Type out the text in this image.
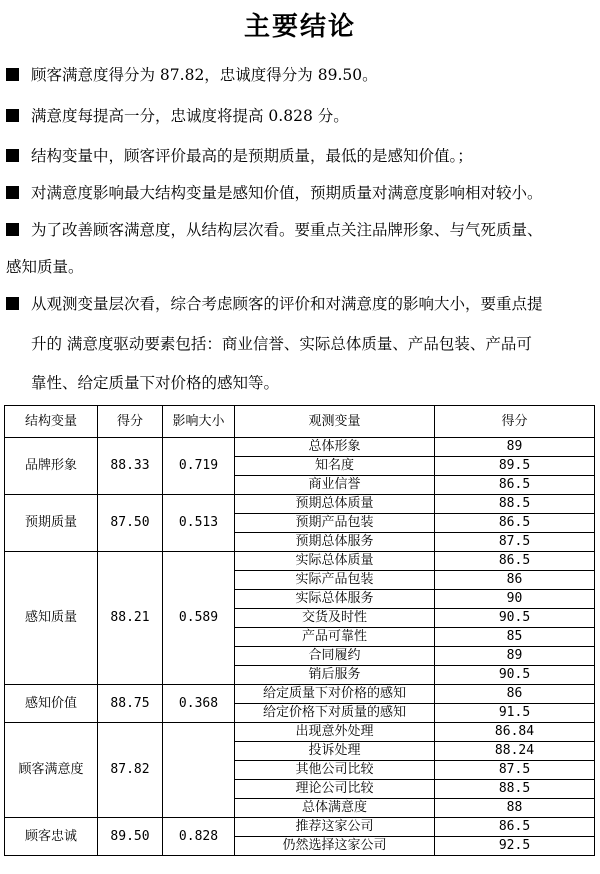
主要结论
顾客满意度得分为 87.82，忠诚度得分为 89.50。
满意度每提高一分，忠诚度将提高 0.828 分。
结构变量中，顾客评价最高的是预期质量，最低的是感知价值。；
对满意度影响最大结构变量是感知价值，预期质量对满意度影响相对较小。
为了改善顾客满意度，从结构层次看。要重点关注品牌形象、与气死质量、
感知质量。
从观测变量层次看，综合考虑顾客的评价和对满意度的影响大小，要重点提
升的 满意度驱动要素包括：商业信誉、实际总体质量、产品包装、产品可
靠性、给定质量下对价格的感知等。
结构变量	得分	影响大小	观测变量	得分
品牌形象	88.33	0.719	总体形象	89
			知名度	89.5
			商业信誉	86.5
预期质量	87.50	0.513	预期总体质量	88.5
			预期产品包装	86.5
			预期总体服务	87.5
感知质量	88.21	0.589	实际总体质量	86.5
			实际产品包装	86
			实际总体服务	90
			交货及时性	90.5
			产品可靠性	85
			合同履约	89
			销后服务	90.5
感知价值	88.75	0.368	给定质量下对价格的感知	86
			给定价格下对质量的感知	91.5
顾客满意度	87.82		出现意外处理	86.84
			投诉处理	88.24
			其他公司比较	87.5
			理论公司比较	88.5
			总体满意度	88
顾客忠诚	89.50	0.828	推荐这家公司	86.5
			仍然选择这家公司	92.5
